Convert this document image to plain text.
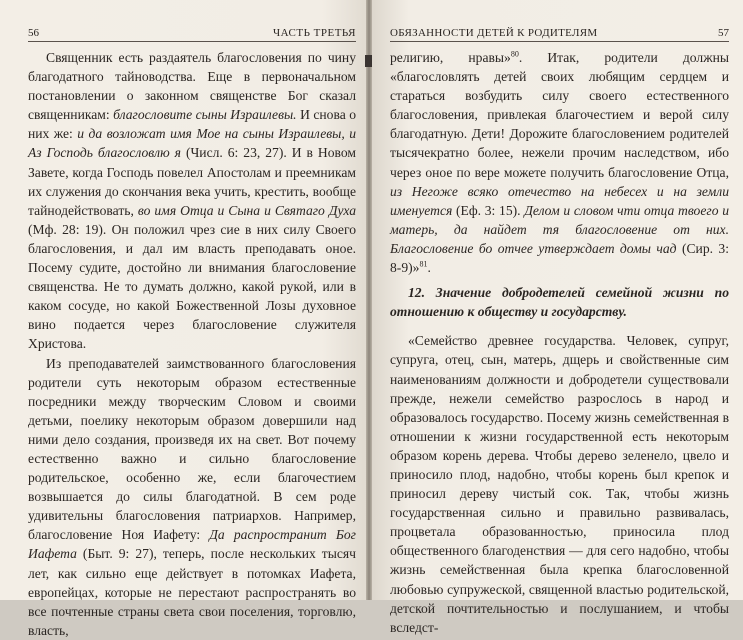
56	ЧАСТЬ ТРЕТЬЯ

Священник есть раздаятель благословения по чину благодатного тайноводства. Еще в первоначальном постановлении о законном священстве Бог сказал священникам: благословите сыны Израилевы. И снова о них же: и да возложат имя Мое на сыны Израилевы, и Аз Господь благословлю я (Числ. 6: 23, 27). И в Новом Завете, когда Господь повелел Апостолам и преемникам их служения до скончания века учить, крестить, вообще тайнодействовать, во имя Отца и Сына и Святаго Духа (Мф. 28: 19). Он положил чрез сие в них силу Своего благословения, и дал им власть преподавать оное. Посему судите, достойно ли внимания благословение священства. Не то думать должно, какой рукой, или в каком сосуде, но какой Божественной Лозы духовное вино подается через благословение служителя Христова.

Из преподавателей заимствованного благословения родители суть некоторым образом естественные посредники между творческим Словом и своими детьми, поелику некоторым образом довершили над ними дело создания, произведя их на свет. Вот почему естественно важно и сильно благословение родительское, особенно же, если благочестием возвышается до силы благодатной. В сем роде удивительны благословения патриархов. Например, благословение Ноя Иафету: Да распространит Бог Иафета (Быт. 9: 27), теперь, после нескольких тысяч лет, как сильно еще действует в потомках Иафета, европейцах, которые не перестают распространять во все почтенные страны света свои поселения, торговлю, власть,

ОБЯЗАННОСТИ ДЕТЕЙ К РОДИТЕЛЯМ	57

религию, нравы»$^{80}$. Итак, родители должны «благословлять детей своих любящим сердцем и стараться возбудить силу своего естественного благословения, привлекая благочестием и верой силу благодатную. Дети! Дорожите благословением родителей тысячекратно более, нежели прочим наследством, ибо через оное по вере можете получить благословение Отца, из Негоже всяко отечество на небесех и на земли именуется (Еф. 3: 15). Делом и словом чти отца твоего и матерь, да найдет тя благословение от них. Благословение бо отчее утверждает домы чад (Сир. 3: 8-9)»$^{81}$.

12. Значение добродетелей семейной жизни по отношению к обществу и государству.

«Семейство древнее государства. Человек, супруг, супруга, отец, сын, матерь, дщерь и свойственные сим наименованиям должности и добродетели существовали прежде, нежели семейство разрослось в народ и образовалось государство. Посему жизнь семейственная в отношении к жизни государственной есть некоторым образом корень дерева. Чтобы дерево зеленело, цвело и приносило плод, надобно, чтобы корень был крепок и приносил дереву чистый сок. Так, чтобы жизнь государственная сильно и правильно развивалась, процветала образованностью, приносила плод общественного благоденствия — для сего надобно, чтобы жизнь семейственная была крепка благословенной любовью супружеской, священной властью родительской, детской почтительностью и послушанием, и чтобы вследст-
